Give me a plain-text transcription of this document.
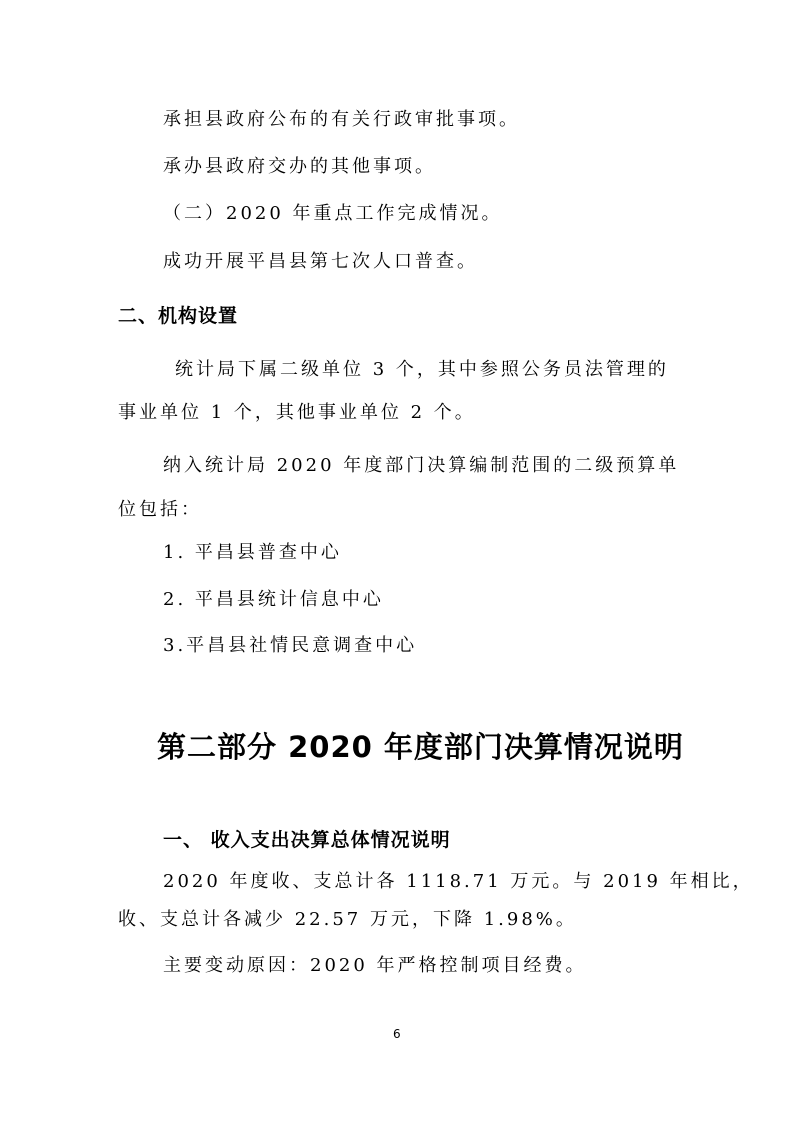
承担县政府公布的有关行政审批事项。
承办县政府交办的其他事项。
（二）2020 年重点工作完成情况。
成功开展平昌县第七次人口普查。
二、机构设置
统计局下属二级单位 3 个，其中参照公务员法管理的
事业单位 1 个，其他事业单位 2 个。
纳入统计局 2020 年度部门决算编制范围的二级预算单
位包括：
1. 平昌县普查中心
2. 平昌县统计信息中心
3.平昌县社情民意调查中心
第二部分 2020 年度部门决算情况说明
一、 收入支出决算总体情况说明
2020 年度收、支总计各 1118.71 万元。与 2019 年相比，
收、支总计各减少 22.57 万元，下降 1.98%。
主要变动原因：2020 年严格控制项目经费。
6
